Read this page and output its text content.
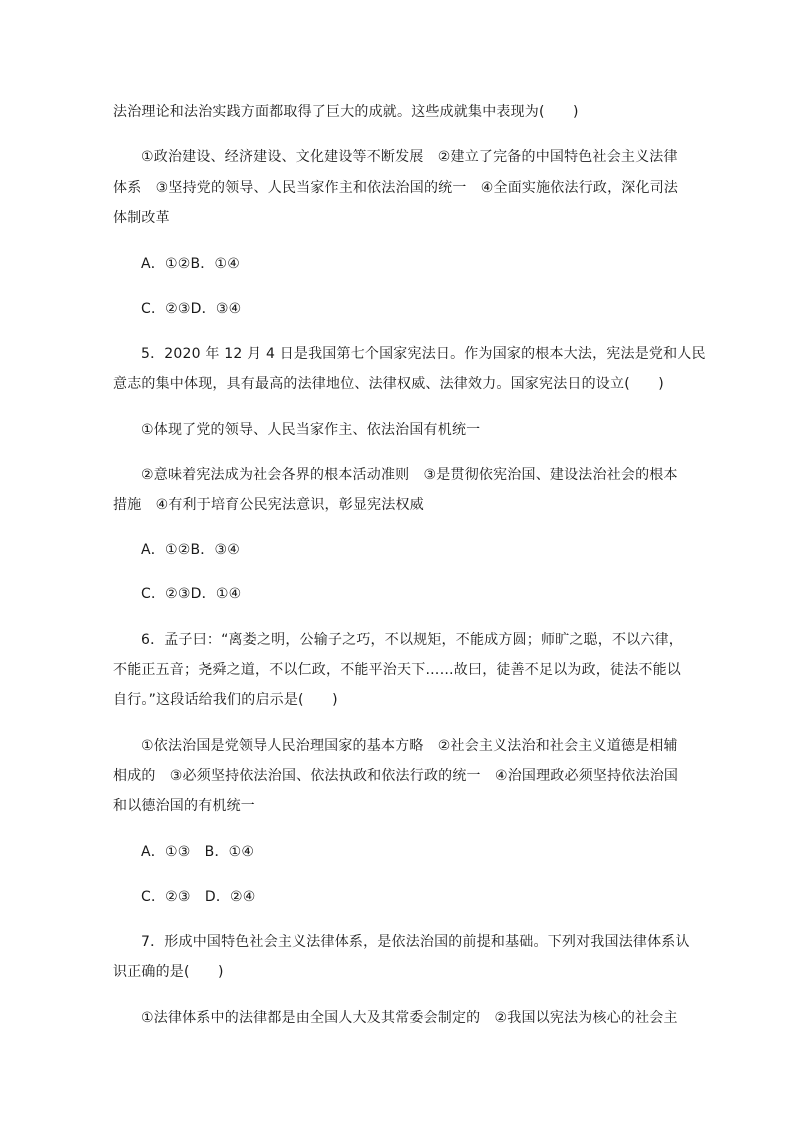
法治理论和法治实践方面都取得了巨大的成就。这些成就集中表现为(　　)
①政治建设、经济建设、文化建设等不断发展　②建立了完备的中国特色社会主义法律
体系　③坚持党的领导、人民当家作主和依法治国的统一　④全面实施依法行政，深化司法
体制改革
A．①②B．①④
C．②③D．③④
5．2020 年 12 月 4 日是我国第七个国家宪法日。作为国家的根本大法，宪法是党和人民
意志的集中体现，具有最高的法律地位、法律权威、法律效力。国家宪法日的设立(　　)
①体现了党的领导、人民当家作主、依法治国有机统一
②意味着宪法成为社会各界的根本活动准则　③是贯彻依宪治国、建设法治社会的根本
措施　④有利于培育公民宪法意识，彰显宪法权威
A．①②B．③④
C．②③D．①④
6．孟子曰：“离娄之明，公输子之巧，不以规矩，不能成方圆；师旷之聪，不以六律，
不能正五音；尧舜之道，不以仁政，不能平治天下……故曰，徒善不足以为政，徒法不能以
自行。”这段话给我们的启示是(　　)
①依法治国是党领导人民治理国家的基本方略　②社会主义法治和社会主义道德是相辅
相成的　③必须坚持依法治国、依法执政和依法行政的统一　④治国理政必须坚持依法治国
和以德治国的有机统一
A．①③　B．①④
C．②③　D．②④
7．形成中国特色社会主义法律体系，是依法治国的前提和基础。下列对我国法律体系认
识正确的是(　　)
①法律体系中的法律都是由全国人大及其常委会制定的　②我国以宪法为核心的社会主
